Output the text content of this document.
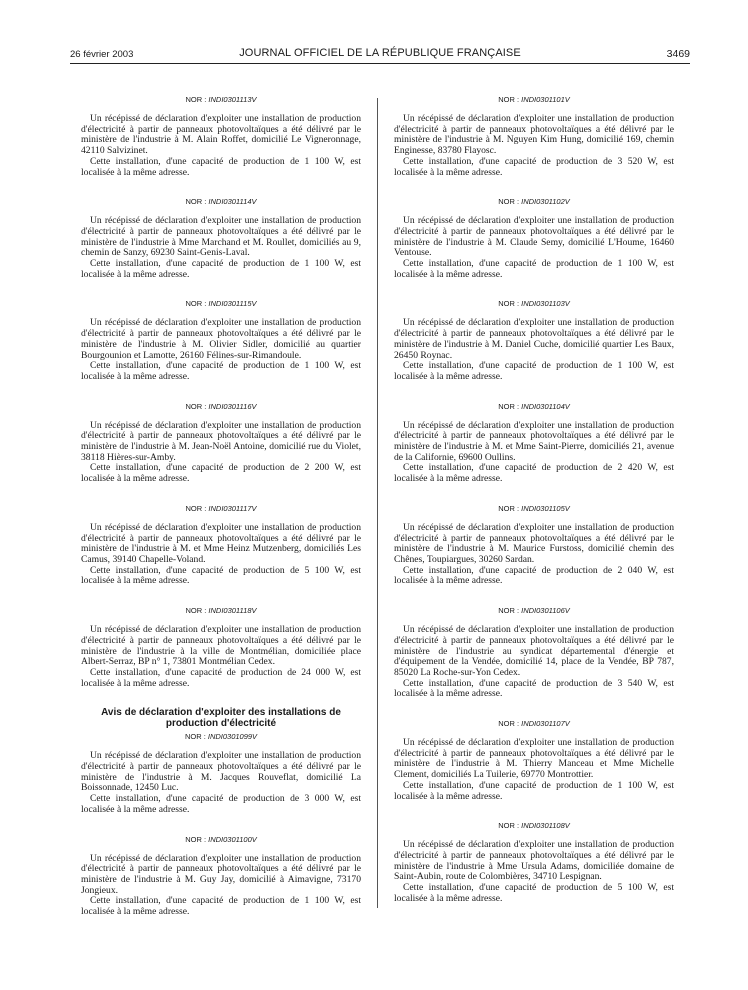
26 février 2003	JOURNAL OFFICIEL DE LA RÉPUBLIQUE FRANÇAISE	3469
NOR : INDI0301113V

Un récépissé de déclaration d'exploiter une installation de production d'électricité à partir de panneaux photovoltaïques a été délivré par le ministère de l'industrie à M. Alain Roffet, domicilié Le Vigneronnage, 42110 Salvizinet.

Cette installation, d'une capacité de production de 1 100 W, est localisée à la même adresse.

NOR : INDI0301114V

Un récépissé de déclaration d'exploiter une installation de production d'électricité à partir de panneaux photovoltaïques a été délivré par le ministère de l'industrie à Mme Marchand et M. Roullet, domiciliés au 9, chemin de Sanzy, 69230 Saint-Genis-Laval.

Cette installation, d'une capacité de production de 1 100 W, est localisée à la même adresse.

NOR : INDI0301115V

Un récépissé de déclaration d'exploiter une installation de production d'électricité à partir de panneaux photovoltaïques a été délivré par le ministère de l'industrie à M. Olivier Sidler, domicilié au quartier Bourgounion et Lamotte, 26160 Félines-sur-Rimandoule.

Cette installation, d'une capacité de production de 1 100 W, est localisée à la même adresse.

NOR : INDI0301116V

Un récépissé de déclaration d'exploiter une installation de production d'électricité à partir de panneaux photovoltaïques a été délivré par le ministère de l'industrie à M. Jean-Noël Antoine, domicilié rue du Violet, 38118 Hières-sur-Amby.

Cette installation, d'une capacité de production de 2 200 W, est localisée à la même adresse.

NOR : INDI0301117V

Un récépissé de déclaration d'exploiter une installation de production d'électricité à partir de panneaux photovoltaïques a été délivré par le ministère de l'industrie à M. et Mme Heinz Mutzenberg, domiciliés Les Camus, 39140 Chapelle-Voland.

Cette installation, d'une capacité de production de 5 100 W, est localisée à la même adresse.

NOR : INDI0301118V

Un récépissé de déclaration d'exploiter une installation de production d'électricité à partir de panneaux photovoltaïques a été délivré par le ministère de l'industrie à la ville de Montmélian, domiciliée place Albert-Serraz, BP n° 1, 73801 Montmélian Cedex.

Cette installation, d'une capacité de production de 24 000 W, est localisée à la même adresse.

Avis de déclaration d'exploiter des installations de production d'électricité
NOR : INDI0301099V

Un récépissé de déclaration d'exploiter une installation de production d'électricité à partir de panneaux photovoltaïques a été délivré par le ministère de l'industrie à M. Jacques Rouveflat, domicilié La Boissonnade, 12450 Luc.

Cette installation, d'une capacité de production de 3 000 W, est localisée à la même adresse.

NOR : INDI0301100V

Un récépissé de déclaration d'exploiter une installation de production d'électricité à partir de panneaux photovoltaïques a été délivré par le ministère de l'industrie à M. Guy Jay, domicilié à Aimavigne, 73170 Jongieux.

Cette installation, d'une capacité de production de 1 100 W, est localisée à la même adresse.

NOR : INDI0301101V

Un récépissé de déclaration d'exploiter une installation de production d'électricité à partir de panneaux photovoltaïques a été délivré par le ministère de l'industrie à M. Nguyen Kim Hung, domicilié 169, chemin Enginesse, 83780 Flayosc.

Cette installation, d'une capacité de production de 3 520 W, est localisée à la même adresse.

NOR : INDI0301102V

Un récépissé de déclaration d'exploiter une installation de production d'électricité à partir de panneaux photovoltaïques a été délivré par le ministère de l'industrie à M. Claude Semy, domicilié L'Houme, 16460 Ventouse.

Cette installation, d'une capacité de production de 1 100 W, est localisée à la même adresse.

NOR : INDI0301103V

Un récépissé de déclaration d'exploiter une installation de production d'électricité à partir de panneaux photovoltaïques a été délivré par le ministère de l'industrie à M. Daniel Cuche, domicilié quartier Les Baux, 26450 Roynac.

Cette installation, d'une capacité de production de 1 100 W, est localisée à la même adresse.

NOR : INDI0301104V

Un récépissé de déclaration d'exploiter une installation de production d'électricité à partir de panneaux photovoltaïques a été délivré par le ministère de l'industrie à M. et Mme Saint-Pierre, domiciliés 21, avenue de la Californie, 69600 Oullins.

Cette installation, d'une capacité de production de 2 420 W, est localisée à la même adresse.

NOR : INDI0301105V

Un récépissé de déclaration d'exploiter une installation de production d'électricité à partir de panneaux photovoltaïques a été délivré par le ministère de l'industrie à M. Maurice Furstoss, domicilié chemin des Chênes, Toupiargues, 30260 Sardan.

Cette installation, d'une capacité de production de 2 040 W, est localisée à la même adresse.

NOR : INDI0301106V

Un récépissé de déclaration d'exploiter une installation de production d'électricité à partir de panneaux photovoltaïques a été délivré par le ministère de l'industrie au syndicat départemental d'énergie et d'équipement de la Vendée, domicilié 14, place de la Vendée, BP 787, 85020 La Roche-sur-Yon Cedex.

Cette installation, d'une capacité de production de 3 540 W, est localisée à la même adresse.

NOR : INDI0301107V

Un récépissé de déclaration d'exploiter une installation de production d'électricité à partir de panneaux photovoltaïques a été délivré par le ministère de l'industrie à M. Thierry Manceau et Mme Michelle Clement, domiciliés La Tuilerie, 69770 Montrottier.

Cette installation, d'une capacité de production de 1 100 W, est localisée à la même adresse.

NOR : INDI0301108V

Un récépissé de déclaration d'exploiter une installation de production d'électricité à partir de panneaux photovoltaïques a été délivré par le ministère de l'industrie à Mme Ursula Adams, domiciliée domaine de Saint-Aubin, route de Colombières, 34710 Lespignan.

Cette installation, d'une capacité de production de 5 100 W, est localisée à la même adresse.
